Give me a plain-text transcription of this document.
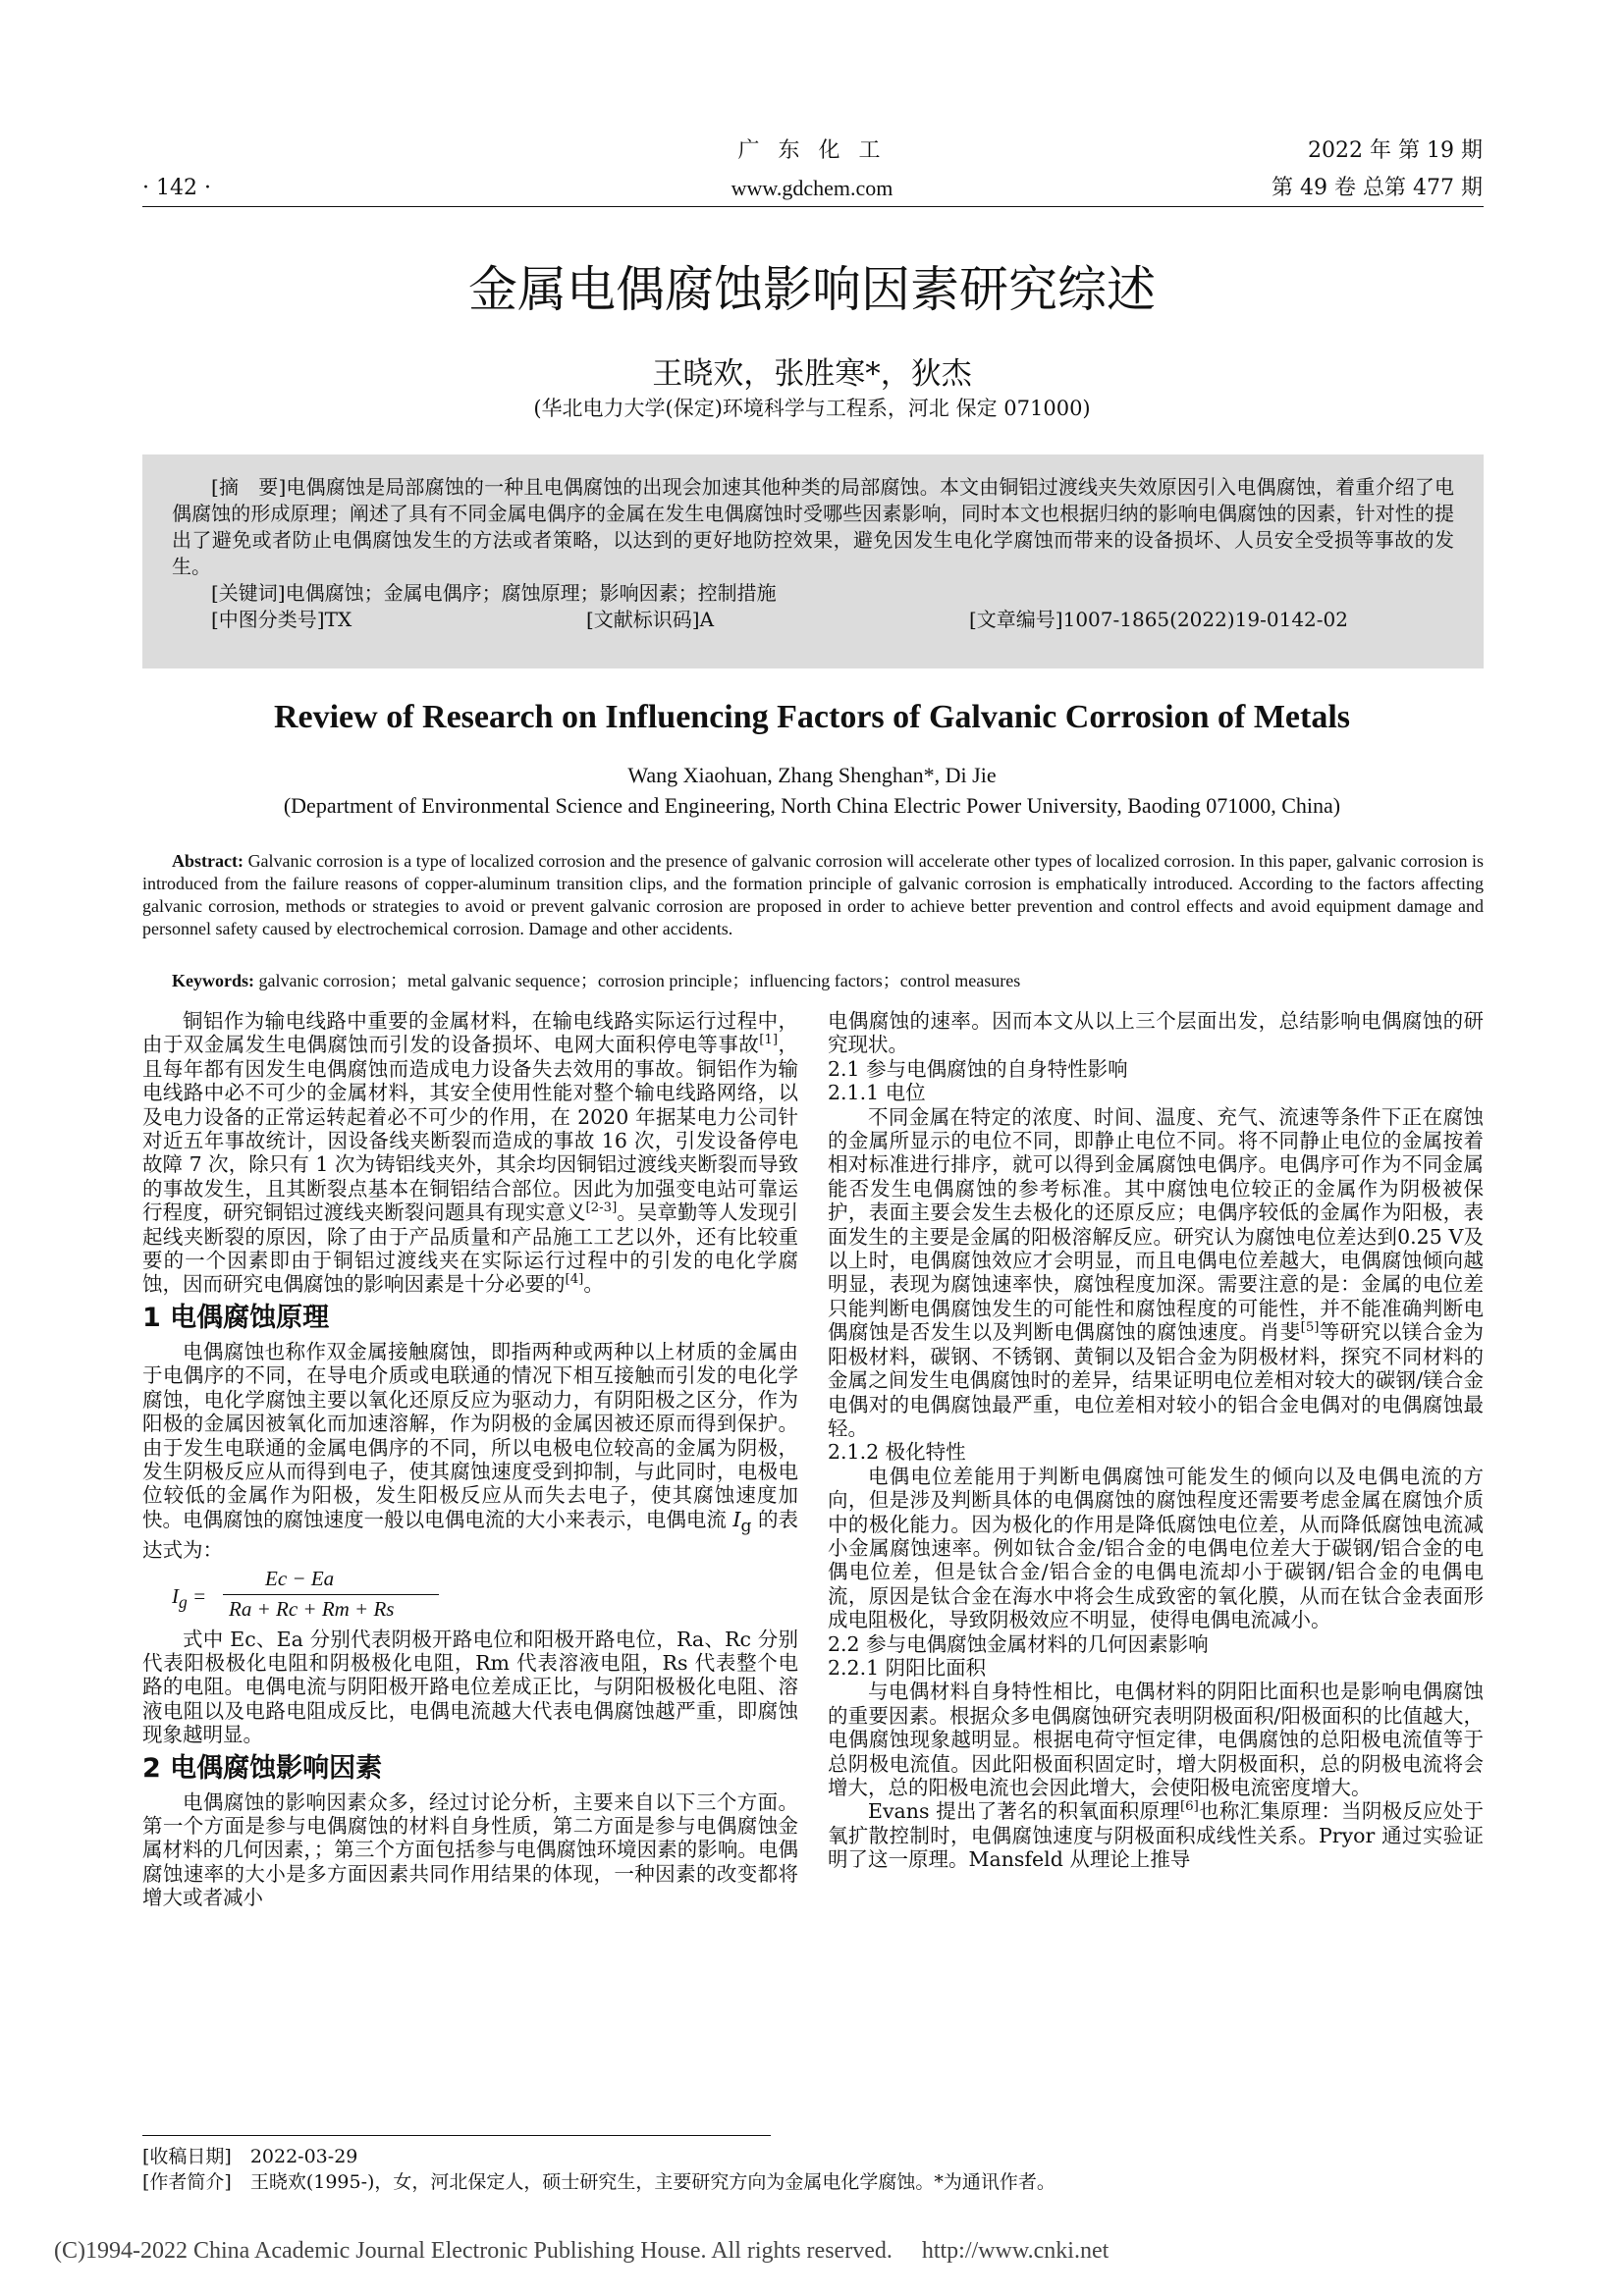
· 142 ·
广 东 化 工
www.gdchem.com
2022 年 第 19 期
第 49 卷 总第 477 期
金属电偶腐蚀影响因素研究综述
王晓欢，张胜寒*，狄杰
(华北电力大学(保定)环境科学与工程系，河北 保定 071000)

[摘　要]电偶腐蚀是局部腐蚀的一种且电偶腐蚀的出现会加速其他种类的局部腐蚀。本文由铜铝过渡线夹失效原因引入电偶腐蚀，着重介绍了电偶腐蚀的形成原理；阐述了具有不同金属电偶序的金属在发生电偶腐蚀时受哪些因素影响，同时本文也根据归纳的影响电偶腐蚀的因素，针对性的提出了避免或者防止电偶腐蚀发生的方法或者策略，以达到的更好地防控效果，避免因发生电化学腐蚀而带来的设备损坏、人员安全受损等事故的发生。

[关键词]电偶腐蚀；金属电偶序；腐蚀原理；影响因素；控制措施
[中图分类号]TX	[文献标识码]A	[文章编号]1007-1865(2022)19-0142-02
Review of Research on Influencing Factors of Galvanic Corrosion of Metals
Wang Xiaohuan, Zhang Shenghan*, Di Jie
(Department of Environmental Science and Engineering, North China Electric Power University, Baoding 071000, China)

Abstract: Galvanic corrosion is a type of localized corrosion and the presence of galvanic corrosion will accelerate other types of localized corrosion. In this paper, galvanic corrosion is introduced from the failure reasons of copper-aluminum transition clips, and the formation principle of galvanic corrosion is emphatically introduced. According to the factors affecting galvanic corrosion, methods or strategies to avoid or prevent galvanic corrosion are proposed in order to achieve better prevention and control effects and avoid equipment damage and personnel safety caused by electrochemical corrosion. Damage and other accidents.

Keywords: galvanic corrosion；metal galvanic sequence；corrosion principle；influencing factors；control measures

铜铝作为输电线路中重要的金属材料，在输电线路实际运行过程中，由于双金属发生电偶腐蚀而引发的设备损坏、电网大面积停电等事故[1]，且每年都有因发生电偶腐蚀而造成电力设备失去效用的事故。铜铝作为输电线路中必不可少的金属材料，其安全使用性能对整个输电线路网络，以及电力设备的正常运转起着必不可少的作用，在 2020 年据某电力公司针对近五年事故统计，因设备线夹断裂而造成的事故 16 次，引发设备停电故障 7 次，除只有 1 次为铸铝线夹外，其余均因铜铝过渡线夹断裂而导致的事故发生，且其断裂点基本在铜铝结合部位。因此为加强变电站可靠运行程度，研究铜铝过渡线夹断裂问题具有现实意义[2-3]。吴章勤等人发现引起线夹断裂的原因，除了由于产品质量和产品施工工艺以外，还有比较重要的一个因素即由于铜铝过渡线夹在实际运行过程中的引发的电化学腐蚀，因而研究电偶腐蚀的影响因素是十分必要的[4]。

1 电偶腐蚀原理

电偶腐蚀也称作双金属接触腐蚀，即指两种或两种以上材质的金属由于电偶序的不同，在导电介质或电联通的情况下相互接触而引发的电化学腐蚀，电化学腐蚀主要以氧化还原反应为驱动力，有阴阳极之区分，作为阳极的金属因被氧化而加速溶解，作为阴极的金属因被还原而得到保护。由于发生电联通的金属电偶序的不同，所以电极电位较高的金属为阴极，发生阴极反应从而得到电子，使其腐蚀速度受到抑制，与此同时，电极电位较低的金属作为阳极，发生阳极反应从而失去电子，使其腐蚀速度加快。电偶腐蚀的腐蚀速度一般以电偶电流的大小来表示，电偶电流 $I_g$ 的表达式为：

$I_g$ =
Ec − Ea
Ra + Rc + Rm + Rs

式中 Ec、Ea 分别代表阴极开路电位和阳极开路电位，Ra、Rc 分别代表阳极极化电阻和阴极极化电阻，Rm 代表溶液电阻，Rs 代表整个电路的电阻。电偶电流与阴阳极开路电位差成正比，与阴阳极极化电阻、溶液电阻以及电路电阻成反比，电偶电流越大代表电偶腐蚀越严重，即腐蚀现象越明显。

2 电偶腐蚀影响因素

电偶腐蚀的影响因素众多，经过讨论分析，主要来自以下三个方面。第一个方面是参与电偶腐蚀的材料自身性质，第二方面是参与电偶腐蚀金属材料的几何因素，；第三个方面包括参与电偶腐蚀环境因素的影响。电偶腐蚀速率的大小是多方面因素共同作用结果的体现，一种因素的改变都将增大或者减小

电偶腐蚀的速率。因而本文从以上三个层面出发，总结影响电偶腐蚀的研究现状。

2.1 参与电偶腐蚀的自身特性影响
2.1.1 电位

不同金属在特定的浓度、时间、温度、充气、流速等条件下正在腐蚀的金属所显示的电位不同，即静止电位不同。将不同静止电位的金属按着相对标准进行排序，就可以得到金属腐蚀电偶序。电偶序可作为不同金属能否发生电偶腐蚀的参考标准。其中腐蚀电位较正的金属作为阴极被保护，表面主要会发生去极化的还原反应；电偶序较低的金属作为阳极，表面发生的主要是金属的阳极溶解反应。研究认为腐蚀电位差达到0.25 V及以上时，电偶腐蚀效应才会明显，而且电偶电位差越大，电偶腐蚀倾向越明显，表现为腐蚀速率快，腐蚀程度加深。需要注意的是：金属的电位差只能判断电偶腐蚀发生的可能性和腐蚀程度的可能性，并不能准确判断电偶腐蚀是否发生以及判断电偶腐蚀的腐蚀速度。肖斐[5]等研究以镁合金为阳极材料，碳钢、不锈钢、黄铜以及铝合金为阴极材料，探究不同材料的金属之间发生电偶腐蚀时的差异，结果证明电位差相对较大的碳钢/镁合金电偶对的电偶腐蚀最严重，电位差相对较小的铝合金电偶对的电偶腐蚀最轻。

2.1.2 极化特性

电偶电位差能用于判断电偶腐蚀可能发生的倾向以及电偶电流的方向，但是涉及判断具体的电偶腐蚀的腐蚀程度还需要考虑金属在腐蚀介质中的极化能力。因为极化的作用是降低腐蚀电位差，从而降低腐蚀电流减小金属腐蚀速率。例如钛合金/铝合金的电偶电位差大于碳钢/铝合金的电偶电位差，但是钛合金/铝合金的电偶电流却小于碳钢/铝合金的电偶电流，原因是钛合金在海水中将会生成致密的氧化膜，从而在钛合金表面形成电阻极化，导致阴极效应不明显，使得电偶电流减小。

2.2 参与电偶腐蚀金属材料的几何因素影响
2.2.1 阴阳比面积

与电偶材料自身特性相比，电偶材料的阴阳比面积也是影响电偶腐蚀的重要因素。根据众多电偶腐蚀研究表明阴极面积/阳极面积的比值越大，电偶腐蚀现象越明显。根据电荷守恒定律，电偶腐蚀的总阳极电流值等于总阴极电流值。因此阳极面积固定时，增大阴极面积，总的阴极电流将会增大，总的阳极电流也会因此增大，会使阳极电流密度增大。

Evans 提出了著名的积氧面积原理[6]也称汇集原理：当阴极反应处于氧扩散控制时，电偶腐蚀速度与阴极面积成线性关系。Pryor 通过实验证明了这一原理。Mansfeld 从理论上推导

[收稿日期]　2022-03-29
[作者简介]　王晓欢(1995-)，女，河北保定人，硕士研究生，主要研究方向为金属电化学腐蚀。*为通讯作者。
(C)1994-2022 China Academic Journal Electronic Publishing House. All rights reserved.　 http://www.cnki.net
